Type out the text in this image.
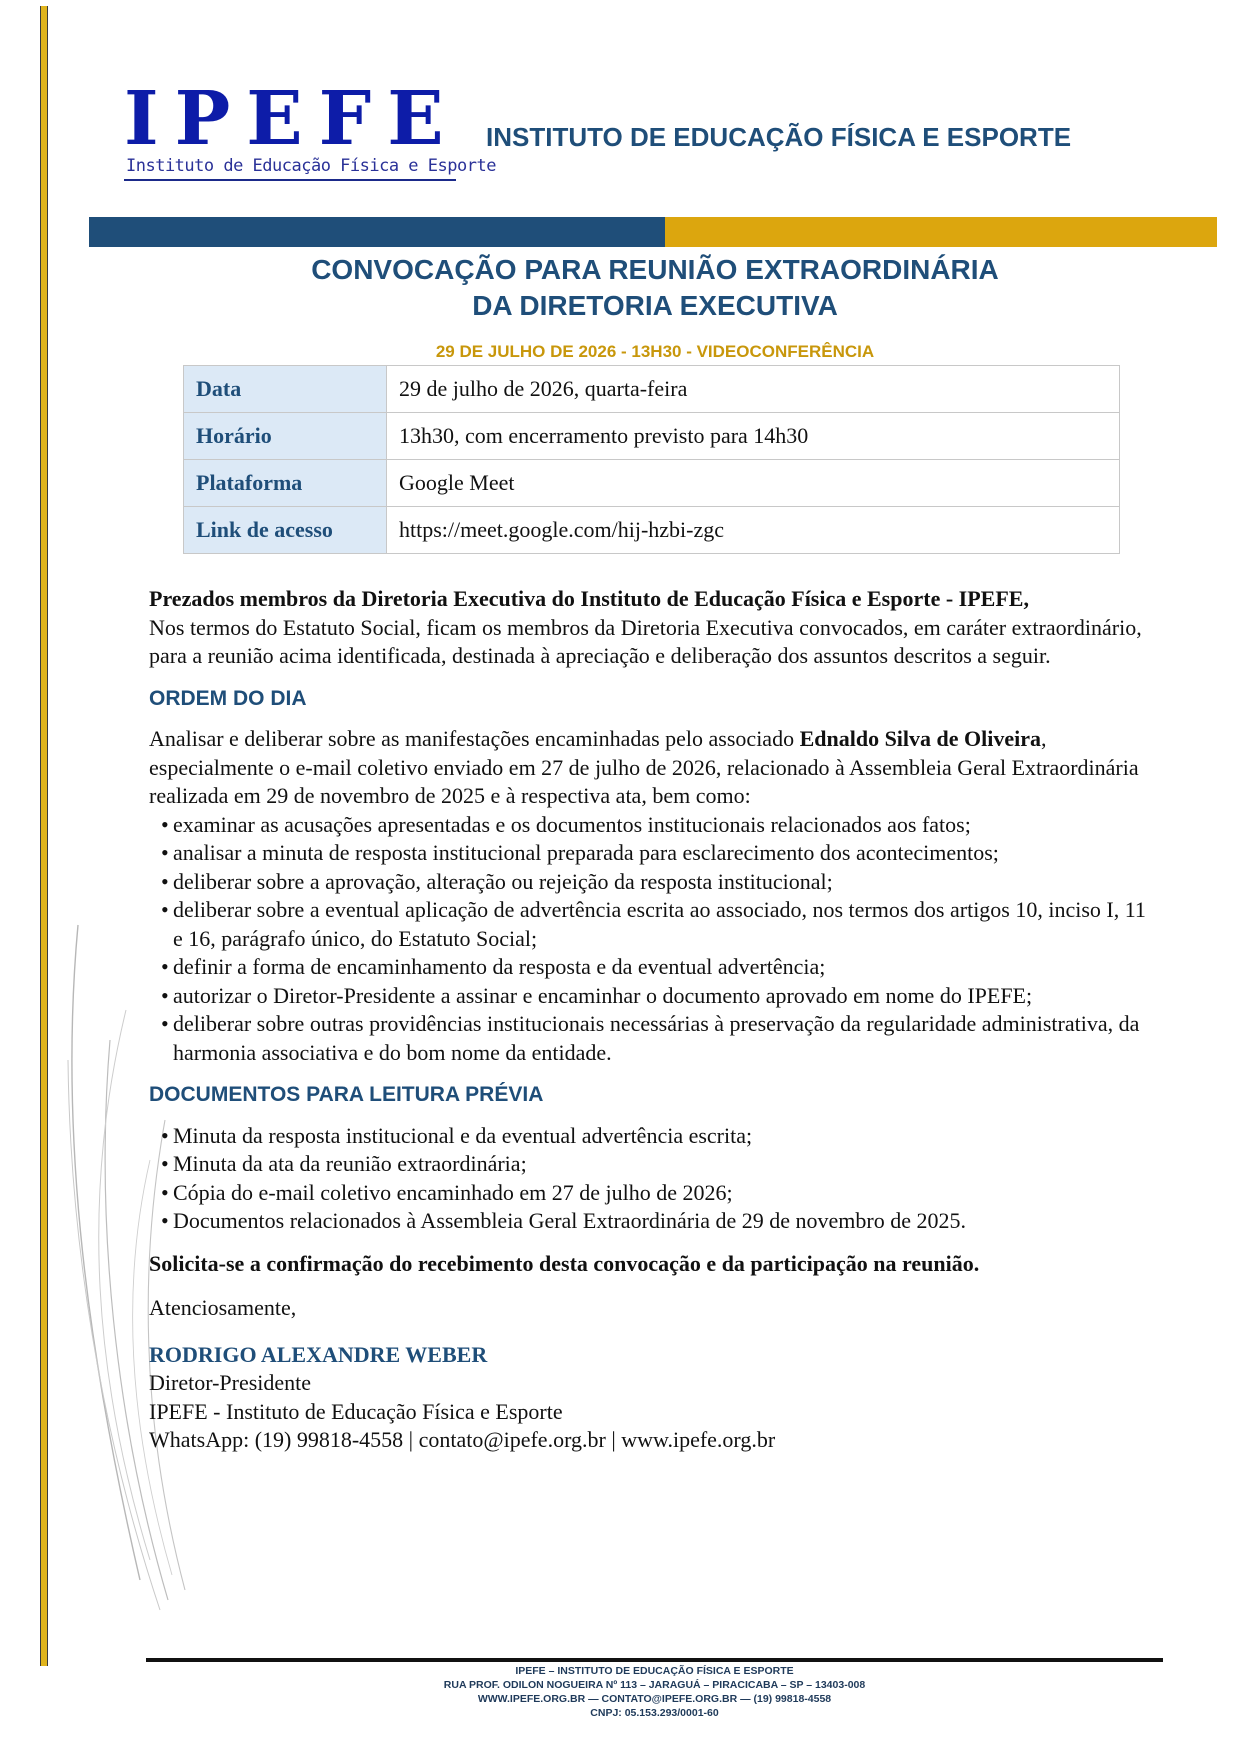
IPEFE
Instituto de Educação Física e Esporte
INSTITUTO DE EDUCAÇÃO FÍSICA E ESPORTE
CONVOCAÇÃO PARA REUNIÃO EXTRAORDINÁRIA
DA DIRETORIA EXECUTIVA
29 DE JULHO DE 2026 - 13H30 - VIDEOCONFERÊNCIA
Data	29 de julho de 2026, quarta-feira
Horário	13h30, com encerramento previsto para 14h30
Plataforma	Google Meet
Link de acesso	https://meet.google.com/hij-hzbi-zgc

Prezados membros da Diretoria Executiva do Instituto de Educação Física e Esporte - IPEFE,

Nos termos do Estatuto Social, ficam os membros da Diretoria Executiva convocados, em caráter extraordinário, para a reunião acima identificada, destinada à apreciação e deliberação dos assuntos descritos a seguir.

ORDEM DO DIA

Analisar e deliberar sobre as manifestações encaminhadas pelo associado Ednaldo Silva de Oliveira, especialmente o e-mail coletivo enviado em 27 de julho de 2026, relacionado à Assembleia Geral Extraordinária realizada em 29 de novembro de 2025 e à respectiva ata, bem como:

• examinar as acusações apresentadas e os documentos institucionais relacionados aos fatos;
• analisar a minuta de resposta institucional preparada para esclarecimento dos acontecimentos;
• deliberar sobre a aprovação, alteração ou rejeição da resposta institucional;
• deliberar sobre a eventual aplicação de advertência escrita ao associado, nos termos dos artigos 10, inciso I, 11 e 16, parágrafo único, do Estatuto Social;
• definir a forma de encaminhamento da resposta e da eventual advertência;
• autorizar o Diretor-Presidente a assinar e encaminhar o documento aprovado em nome do IPEFE;
• deliberar sobre outras providências institucionais necessárias à preservação da regularidade administrativa, da harmonia associativa e do bom nome da entidade.

DOCUMENTOS PARA LEITURA PRÉVIA

• Minuta da resposta institucional e da eventual advertência escrita;
• Minuta da ata da reunião extraordinária;
• Cópia do e-mail coletivo encaminhado em 27 de julho de 2026;
• Documentos relacionados à Assembleia Geral Extraordinária de 29 de novembro de 2025.

Solicita-se a confirmação do recebimento desta convocação e da participação na reunião.

Atenciosamente,

RODRIGO ALEXANDRE WEBER

Diretor-Presidente

IPEFE - Instituto de Educação Física e Esporte

WhatsApp: (19) 99818-4558 | contato@ipefe.org.br | www.ipefe.org.br

IPEFE – INSTITUTO DE EDUCAÇÃO FÍSICA E ESPORTE
RUA PROF. ODILON NOGUEIRA Nº 113 – JARAGUÁ – PIRACICABA – SP – 13403-008
WWW.IPEFE.ORG.BR — CONTATO@IPEFE.ORG.BR — (19) 99818-4558
CNPJ: 05.153.293/0001-60
